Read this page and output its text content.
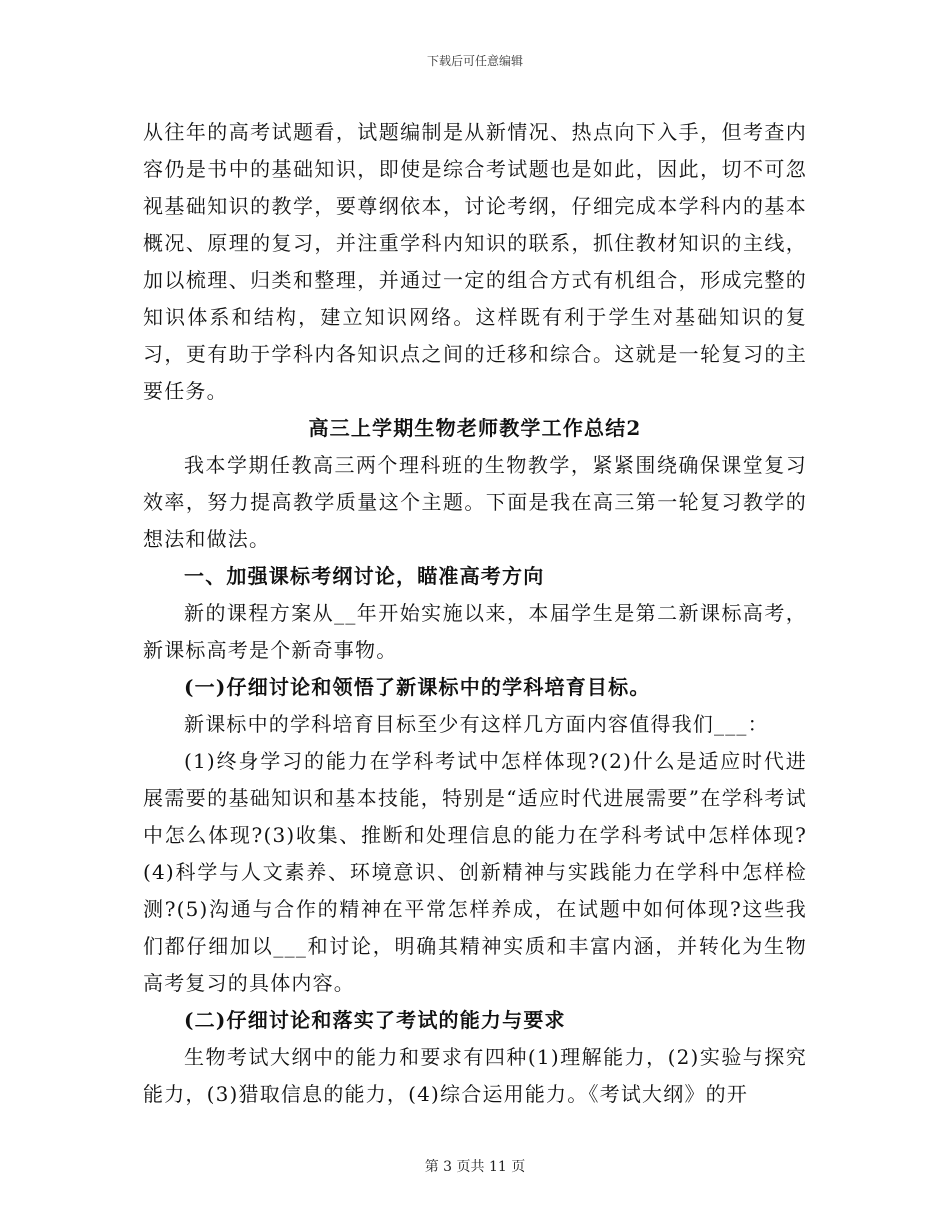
下载后可任意编辑

从往年的高考试题看，试题编制是从新情况、热点向下入手，但考查内容仍是书中的基础知识，即使是综合考试题也是如此，因此，切不可忽视基础知识的教学，要尊纲依本，讨论考纲，仔细完成本学科内的基本概况、原理的复习，并注重学科内知识的联系，抓住教材知识的主线，加以梳理、归类和整理，并通过一定的组合方式有机组合，形成完整的知识体系和结构，建立知识网络。这样既有利于学生对基础知识的复习，更有助于学科内各知识点之间的迁移和综合。这就是一轮复习的主要任务。

高三上学期生物老师教学工作总结2

我本学期任教高三两个理科班的生物教学，紧紧围绕确保课堂复习效率，努力提高教学质量这个主题。下面是我在高三第一轮复习教学的想法和做法。

一、加强课标考纲讨论，瞄准高考方向

新的课程方案从__年开始实施以来，本届学生是第二新课标高考，新课标高考是个新奇事物。

(一)仔细讨论和领悟了新课标中的学科培育目标。

新课标中的学科培育目标至少有这样几方面内容值得我们___：

(1)终身学习的能力在学科考试中怎样体现?(2)什么是适应时代进展需要的基础知识和基本技能，特别是“适应时代进展需要”在学科考试中怎么体现?(3)收集、推断和处理信息的能力在学科考试中怎样体现?(4)科学与人文素养、环境意识、创新精神与实践能力在学科中怎样检测?(5)沟通与合作的精神在平常怎样养成，在试题中如何体现?这些我们都仔细加以___和讨论，明确其精神实质和丰富内涵，并转化为生物高考复习的具体内容。

(二)仔细讨论和落实了考试的能力与要求

生物考试大纲中的能力和要求有四种(1)理解能力，(2)实验与探究能力，(3)猎取信息的能力，(4)综合运用能力。《考试大纲》的开

第 3 页共 11 页
